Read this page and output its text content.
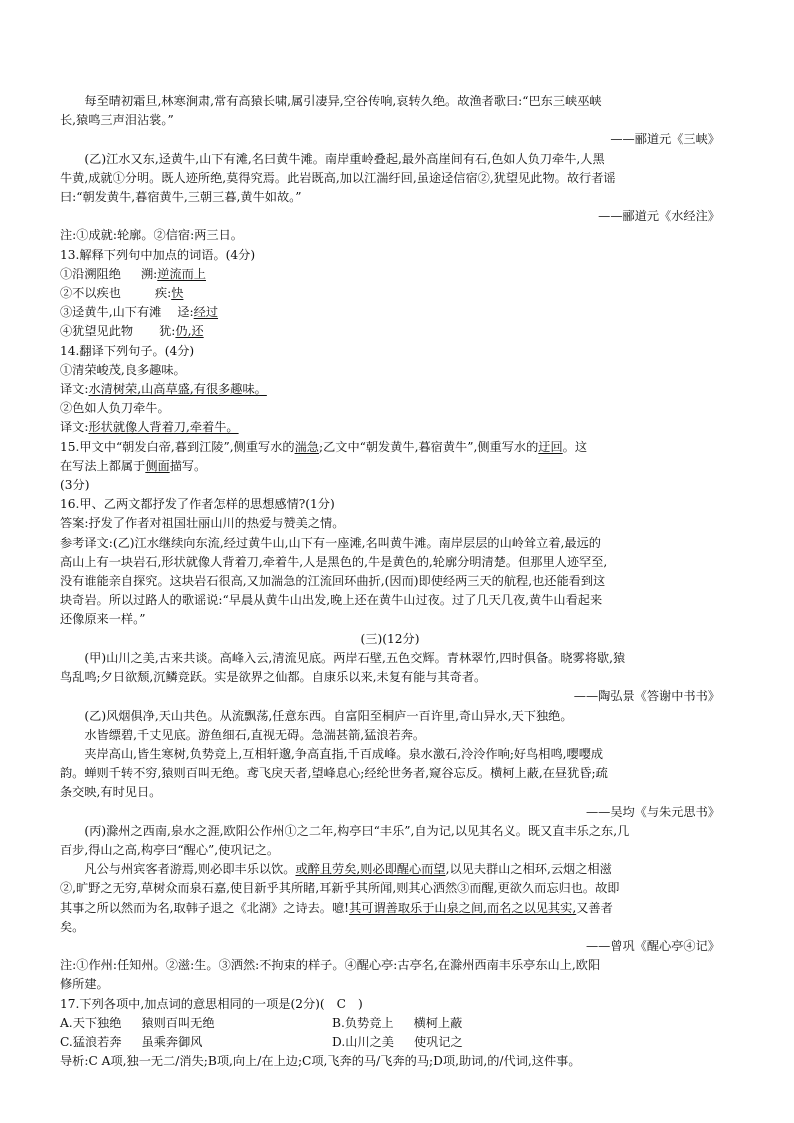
每至晴初霜旦,林寒涧肃,常有高猿长啸,属引凄异,空谷传响,哀转久绝。故渔者歌曰:“巴东三峡巫峡
长,猿鸣三声泪沾裳。”
——郦道元《三峡》
(乙)江水又东,迳黄牛,山下有滩,名曰黄牛滩。南岸重岭叠起,最外高崖间有石,色如人负刀牵牛,人黑
牛黄,成就①分明。既人迹所绝,莫得究焉。此岩既高,加以江湍纡回,虽途迳信宿②,犹望见此物。故行者谣
曰:“朝发黄牛,暮宿黄牛,三朝三暮,黄牛如故。”
——郦道元《水经注》
注:①成就:轮廓。②信宿:两三日。
13.解释下列句中加点的词语。(4分)
①沿溯阻绝 溯:逆流而上
②不以疾也	疾:快
③迳黄牛,山下有滩 迳:经过
④犹望见此物 犹:仍,还
14.翻译下列句子。(4分)
①清荣峻茂,良多趣味。
译文:水清树荣,山高草盛,有很多趣味。
②色如人负刀牵牛。
译文:形状就像人背着刀,牵着牛。
15.甲文中“朝发白帝,暮到江陵”,侧重写水的湍急;乙文中“朝发黄牛,暮宿黄牛”,侧重写水的迂回。这
在写法上都属于侧面描写。
(3分)
16.甲、乙两文都抒发了作者怎样的思想感情?(1分)
答案:抒发了作者对祖国壮丽山川的热爱与赞美之情。
参考译文:(乙)江水继续向东流,经过黄牛山,山下有一座滩,名叫黄牛滩。南岸层层的山岭耸立着,最远的
高山上有一块岩石,形状就像人背着刀,牵着牛,人是黑色的,牛是黄色的,轮廓分明清楚。但那里人迹罕至,
没有谁能亲自探究。这块岩石很高,又加湍急的江流回环曲折,(因而)即使经两三天的航程,也还能看到这
块奇岩。所以过路人的歌谣说:“早晨从黄牛山出发,晚上还在黄牛山过夜。过了几天几夜,黄牛山看起来
还像原来一样。”
(三)(12分)
(甲)山川之美,古来共谈。高峰入云,清流见底。两岸石壁,五色交辉。青林翠竹,四时俱备。晓雾将歇,猿
鸟乱鸣;夕日欲颓,沉鳞竞跃。实是欲界之仙都。自康乐以来,未复有能与其奇者。
——陶弘景《答谢中书书》
(乙)风烟俱净,天山共色。从流飘荡,任意东西。自富阳至桐庐一百许里,奇山异水,天下独绝。
水皆缥碧,千丈见底。游鱼细石,直视无碍。急湍甚箭,猛浪若奔。
夹岸高山,皆生寒树,负势竞上,互相轩邈,争高直指,千百成峰。泉水激石,泠泠作响;好鸟相鸣,嘤嘤成
韵。蝉则千转不穷,猿则百叫无绝。鸢飞戾天者,望峰息心;经纶世务者,窥谷忘反。横柯上蔽,在昼犹昏;疏
条交映,有时见日。
——吴均《与朱元思书》
(丙)滁州之西南,泉水之涯,欧阳公作州①之二年,构亭曰“丰乐”,自为记,以见其名义。既又直丰乐之东,几
百步,得山之高,构亭曰“醒心”,使巩记之。
凡公与州宾客者游焉,则必即丰乐以饮。或醉且劳矣,则必即醒心而望,以见夫群山之相环,云烟之相滋
②,旷野之无穷,草树众而泉石嘉,使目新乎其所睹,耳新乎其所闻,则其心洒然③而醒,更欲久而忘归也。故即
其事之所以然而为名,取韩子退之《北湖》之诗去。噫!其可谓善取乐于山泉之间,而名之以见其实,又善者
矣。
——曾巩《醒心亭④记》
注:①作州:任知州。②滋:生。③洒然:不拘束的样子。④醒心亭:古亭名,在滁州西南丰乐亭东山上,欧阳
修所建。
17.下列各项中,加点词的意思相同的一项是(2分)( C )
A.天下独绝 猿则百叫无绝	B.负势竞上 横柯上蔽
C.猛浪若奔 虽乘奔御风	D.山川之美 使巩记之
导析:C A项,独一无二/消失;B项,向上/在上边;C项,飞奔的马/飞奔的马;D项,助词,的/代词,这件事。
